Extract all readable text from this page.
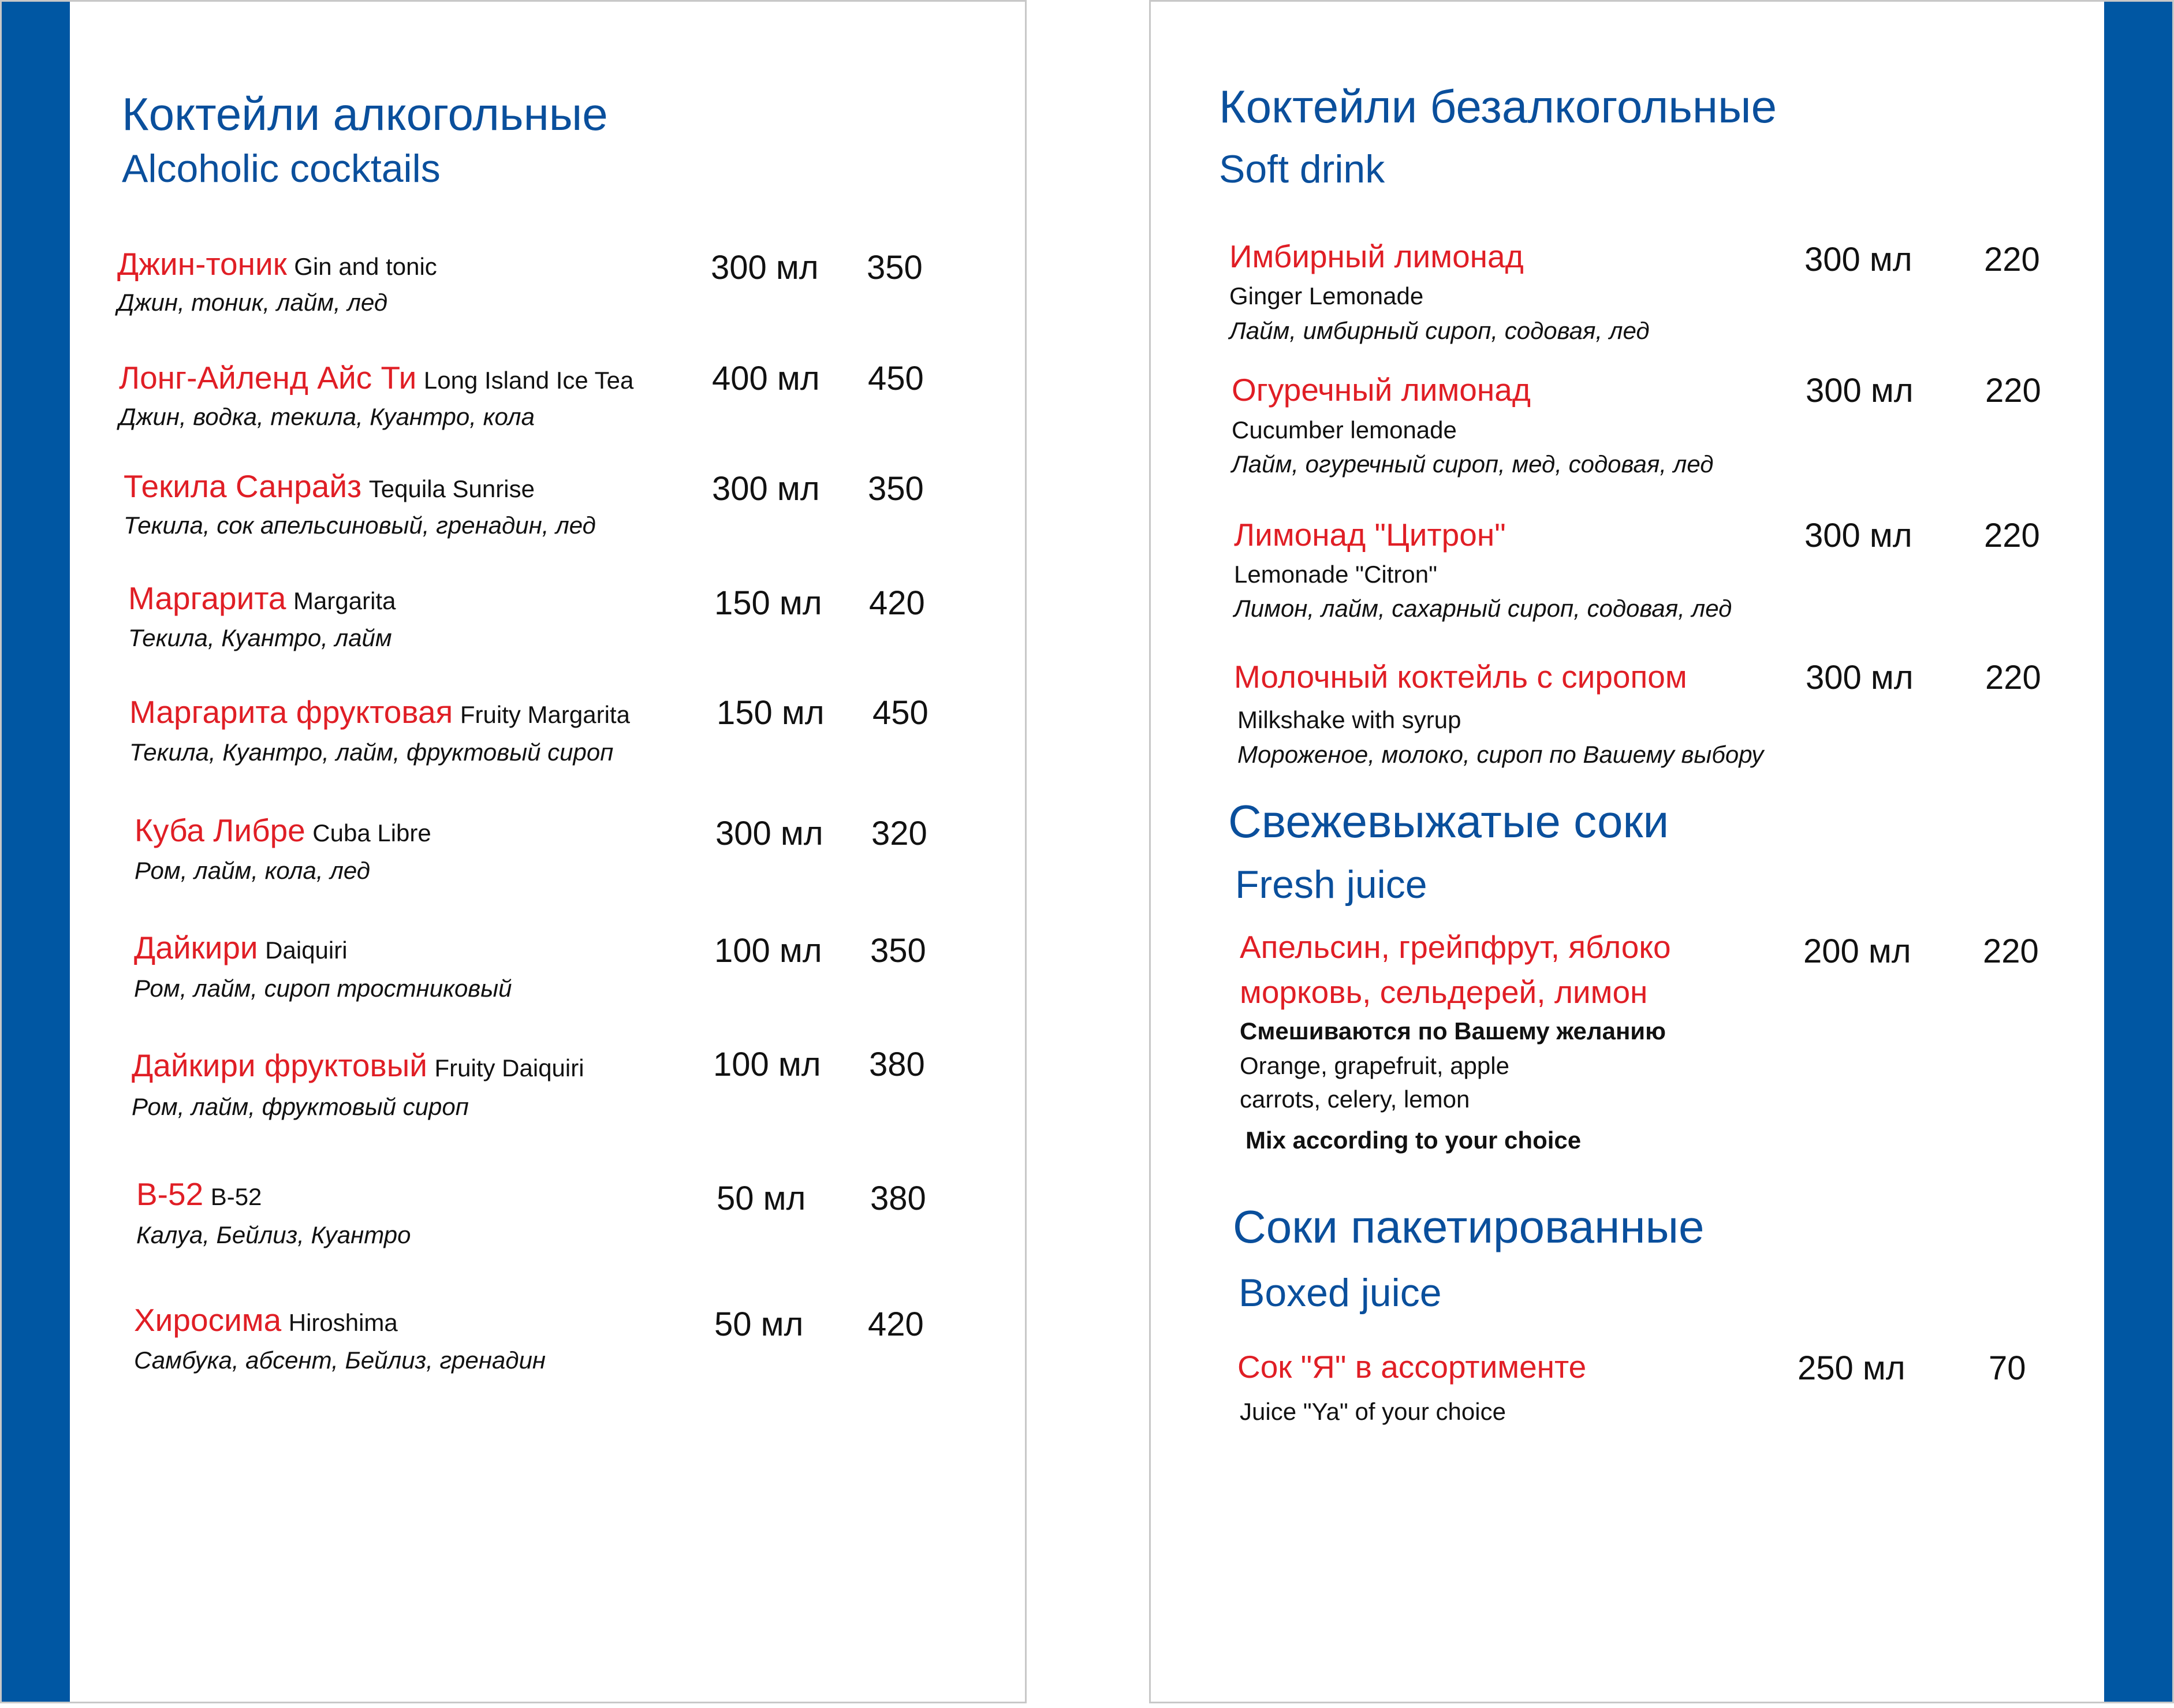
Коктейли алкогольные
Alcoholic cocktails
Джин-тоник Gin and tonic
Джин, тоник, лайм, лед
300 мл 350
Лонг-Айленд Айс Ти Long Island Ice Tea
Джин, водка, текила, Куантро, кола
400 мл 450
Текила Санрайз Tequila Sunrise
Текила, сок апельсиновый, гренадин, лед
300 мл 350
Маргарита Margarita
Текила, Куантро, лайм
150 мл 420
Маргарита фруктовая Fruity Margarita
Текила, Куантро, лайм, фруктовый сироп
150 мл 450
Куба Либре Cuba Libre
Ром, лайм, кола, лед
300 мл 320
Дайкири Daiquiri
Ром, лайм, сироп тростниковый
100 мл 350
Дайкири фруктовый Fruity Daiquiri
Ром, лайм, фруктовый сироп
100 мл 380
В-52 B-52
Калуа, Бейлиз, Куантро
50 мл 380
Хиросима Hiroshima
Самбука, абсент, Бейлиз, гренадин
50 мл 420
Коктейли безалкогольные
Soft drink
Имбирный лимонад
Ginger Lemonade
Лайм, имбирный сироп, содовая, лед
300 мл 220
Огуречный лимонад
Cucumber lemonade
Лайм, огуречный сироп, мед, содовая, лед
300 мл 220
Лимонад "Цитрон"
Lemonade "Citron"
Лимон, лайм, сахарный сироп, содовая, лед
300 мл 220
Молочный коктейль с сиропом
Milkshake with syrup
Мороженое, молоко, сироп по Вашему выбору
300 мл 220
Свежевыжатые соки
Fresh juice
Апельсин, грейпфрут, яблоко
морковь, сельдерей, лимон
Смешиваются по Вашему желанию
Orange, grapefruit, apple
carrots, celery, lemon
Mix according to your choice
200 мл 220
Соки пакетированные
Boxed juice
Сок "Я" в ассортименте
Juice "Ya" of your choice
250 мл 70
